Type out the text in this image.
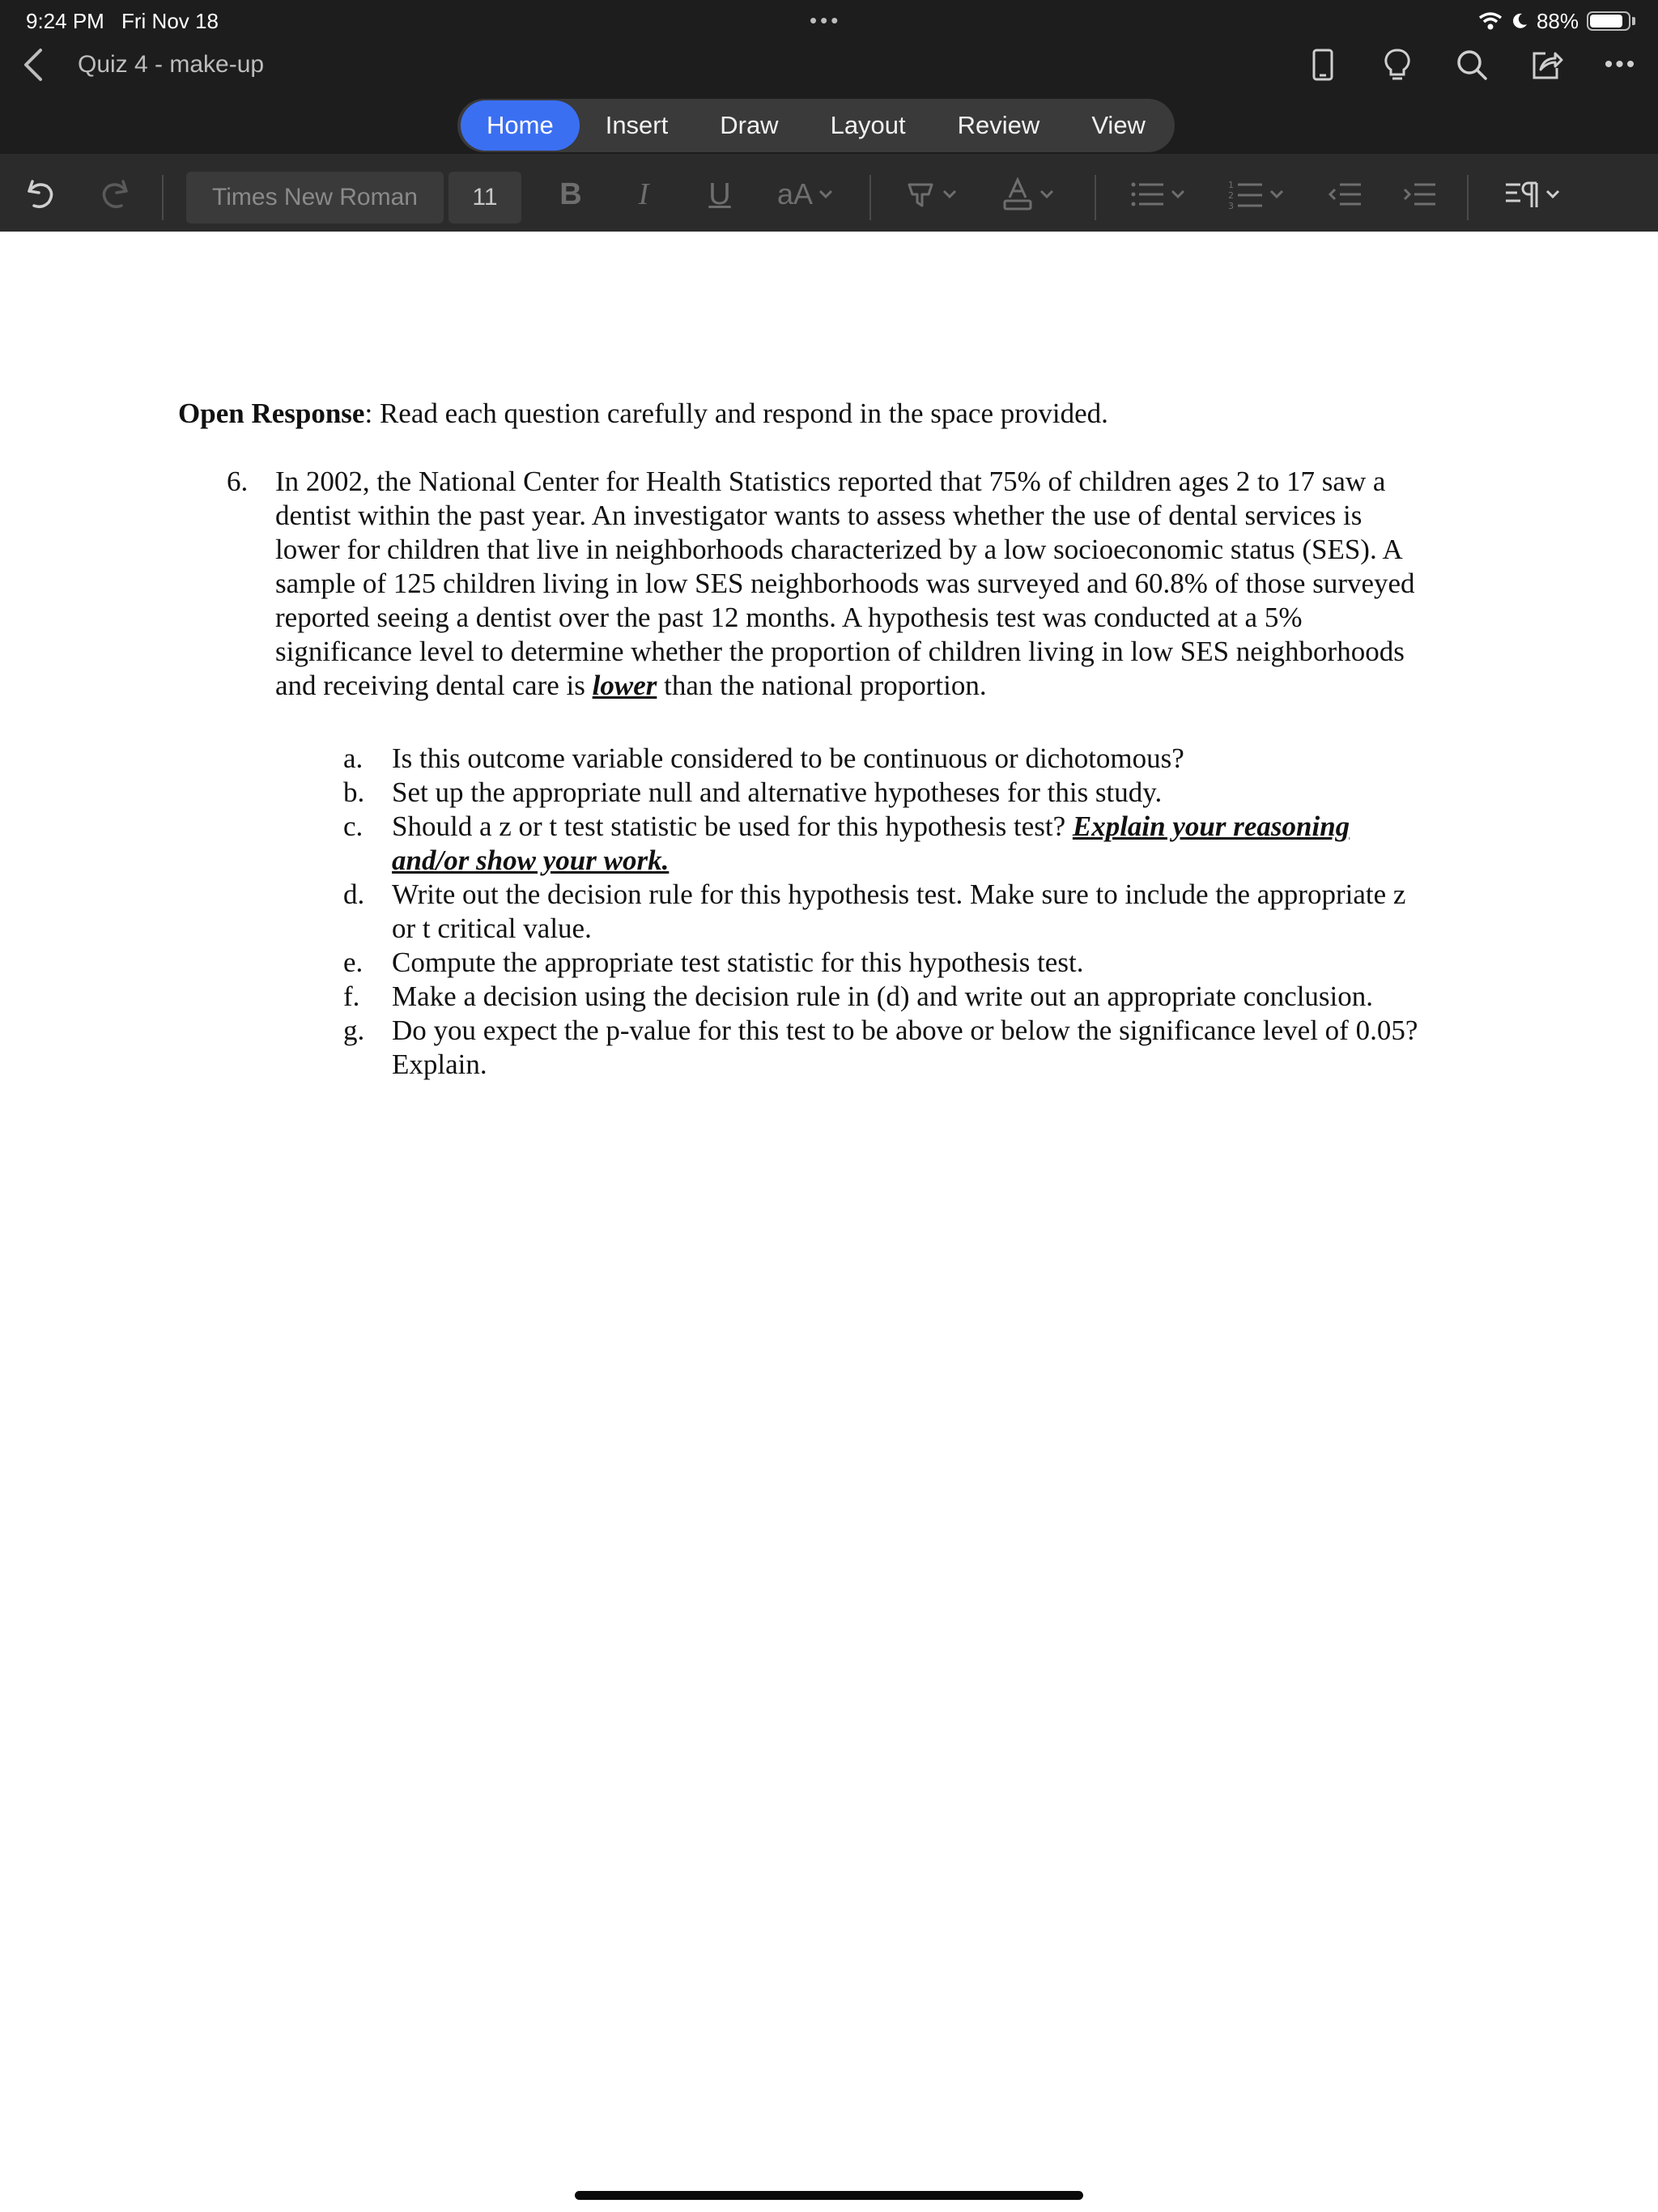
9:24 PM Fri Nov 18	•••	88%
Quiz 4 - make-up	•••
Home	Insert	Draw	Layout	Review	View
Times New Roman	11	B	I	U	aA	1
2
3
Open Response: Read each question carefully and respond in the space provided.
6. In 2002, the National Center for Health Statistics reported that 75% of children ages 2 to 17 saw a
dentist within the past year. An investigator wants to assess whether the use of dental services is
lower for children that live in neighborhoods characterized by a low socioeconomic status (SES). A
sample of 125 children living in low SES neighborhoods was surveyed and 60.8% of those surveyed
reported seeing a dentist over the past 12 months. A hypothesis test was conducted at a 5%
significance level to determine whether the proportion of children living in low SES neighborhoods
and receiving dental care is lower than the national proportion.
a.	Is this outcome variable considered to be continuous or dichotomous?
b. Set up the appropriate null and alternative hypotheses for this study.
c.	Should a z or t test statistic be used for this hypothesis test? Explain your reasoning
and/or show your work.
d. Write out the decision rule for this hypothesis test. Make sure to include the appropriate z
or t critical value.
e.	Compute the appropriate test statistic for this hypothesis test.
f.	Make a decision using the decision rule in (d) and write out an appropriate conclusion.
g. Do you expect the p-value for this test to be above or below the significance level of 0.05?
Explain.
